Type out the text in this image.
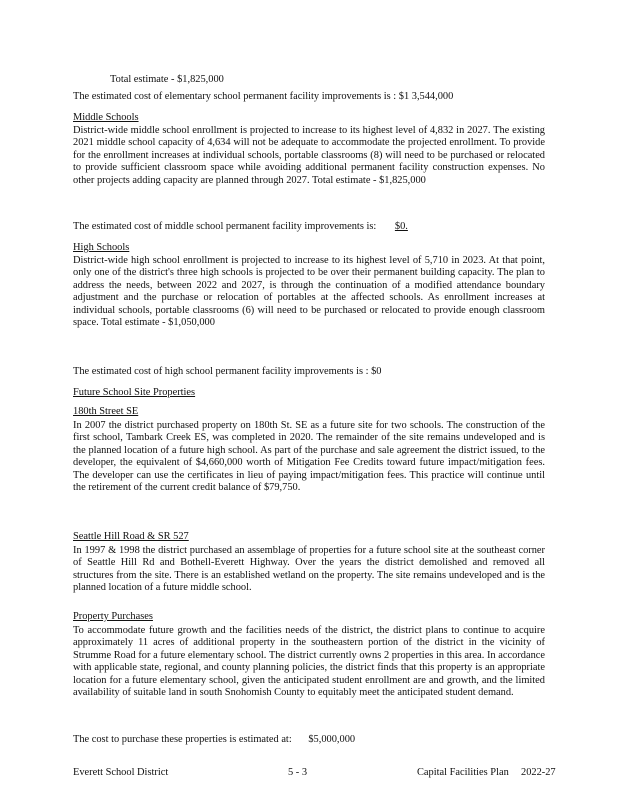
Total estimate - $1,825,000

The estimated cost of elementary school permanent facility improvements is : $1 3,544,000

Middle Schools

District-wide middle school enrollment is projected to increase to its highest level of 4,832 in 2027. The existing 2021 middle school capacity of 4,634 will not be adequate to accommodate the projected enrollment. To provide for the enrollment increases at individual schools, portable classrooms (8) will need to be purchased or relocated to provide sufficient classroom space while avoiding additional permanent facility construction expenses. No other projects adding capacity are planned through 2027. Total estimate - $1,825,000

The estimated cost of middle school permanent facility improvements is: $0.

High Schools

District-wide high school enrollment is projected to increase to its highest level of 5,710 in 2023. At that point, only one of the district's three high schools is projected to be over their permanent building capacity. The plan to address the needs, between 2022 and 2027, is through the continuation of a modified attendance boundary adjustment and the purchase or relocation of portables at the affected schools. As enrollment increases at individual schools, portable classrooms (6) will need to be purchased or relocated to provide enough classroom space. Total estimate - $1,050,000

The estimated cost of high school permanent facility improvements is : $0

Future School Site Properties

180th Street SE

In 2007 the district purchased property on 180th St. SE as a future site for two schools. The construction of the first school, Tambark Creek ES, was completed in 2020. The remainder of the site remains undeveloped and is the planned location of a future high school. As part of the purchase and sale agreement the district issued, to the developer, the equivalent of $4,660,000 worth of Mitigation Fee Credits toward future impact/mitigation fees. The developer can use the certificates in lieu of paying impact/mitigation fees. This practice will continue until the retirement of the current credit balance of $79,750.

Seattle Hill Road & SR 527

In 1997 & 1998 the district purchased an assemblage of properties for a future school site at the southeast corner of Seattle Hill Rd and Bothell-Everett Highway. Over the years the district demolished and removed all structures from the site. There is an established wetland on the property. The site remains undeveloped and is the planned location of a future middle school.

Property Purchases

To accommodate future growth and the facilities needs of the district, the district plans to continue to acquire approximately 11 acres of additional property in the southeastern portion of the district in the vicinity of Strumme Road for a future elementary school. The district currently owns 2 properties in this area. In accordance with applicable state, regional, and county planning policies, the district finds that this property is an appropriate location for a future elementary school, given the anticipated student enrollment are and growth, and the limited availability of suitable land in south Snohomish County to equitably meet the anticipated student demand.

The cost to purchase these properties is estimated at: $5,000,000

Everett School District	5 - 3	Capital Facilities Plan 2022-27
